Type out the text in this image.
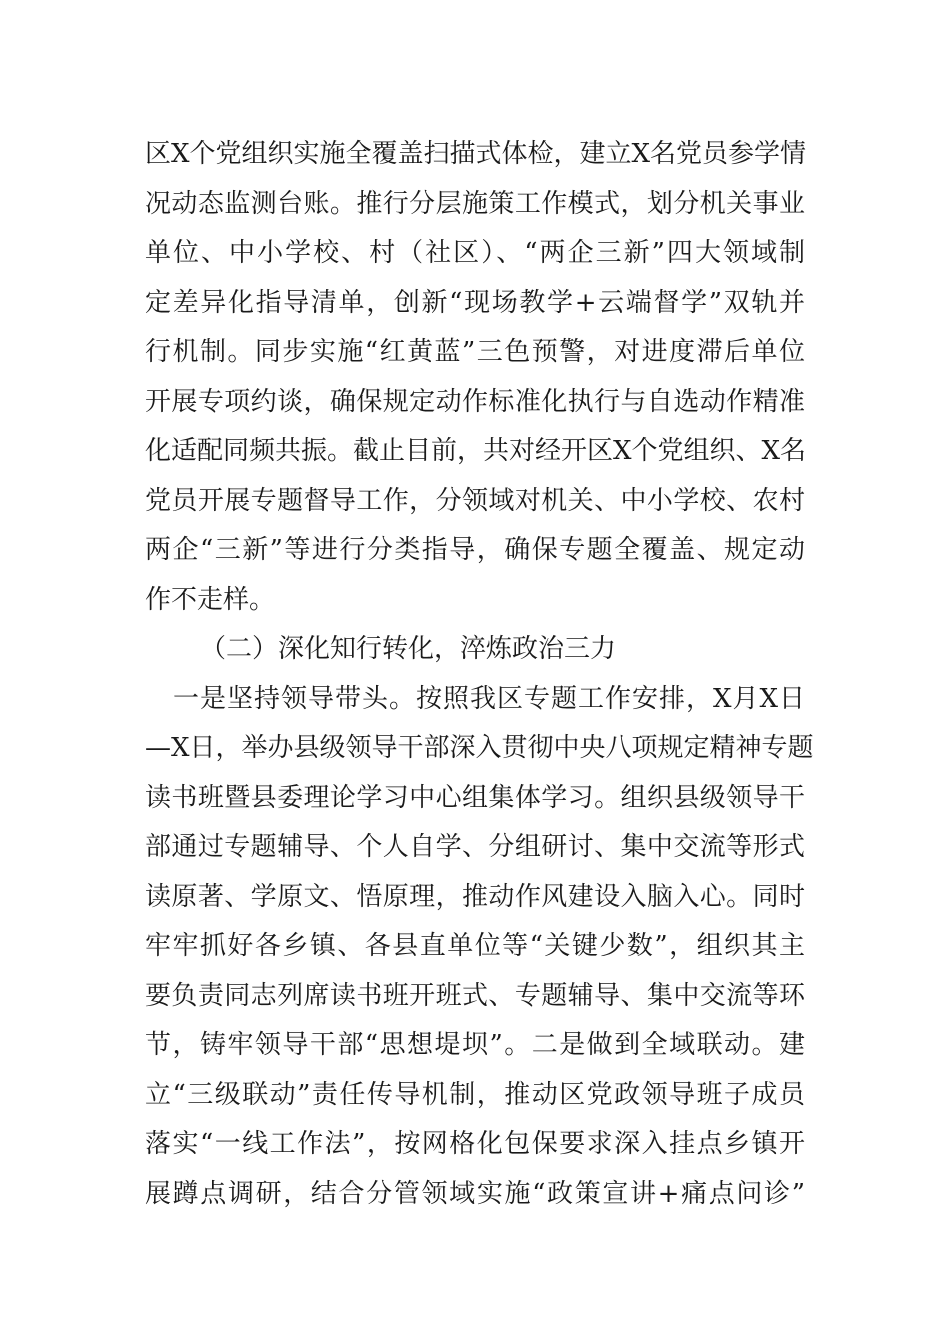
区X个党组织实施全覆盖扫描式体检，建立X名党员参学情
况动态监测台账。推行分层施策工作模式，划分机关事业
单位、中小学校、村（社区）、“两企三新”四大领域制
定差异化指导清单，创新“现场教学+云端督学”双轨并
行机制。同步实施“红黄蓝”三色预警，对进度滞后单位
开展专项约谈，确保规定动作标准化执行与自选动作精准
化适配同频共振。截止目前，共对经开区X个党组织、X名
党员开展专题督导工作，分领域对机关、中小学校、农村
两企“三新”等进行分类指导，确保专题全覆盖、规定动
作不走样。
（二）深化知行转化，淬炼政治三力
一是坚持领导带头。按照我区专题工作安排，X月X日
—X日，举办县级领导干部深入贯彻中央八项规定精神专题
读书班暨县委理论学习中心组集体学习。组织县级领导干
部通过专题辅导、个人自学、分组研讨、集中交流等形式
读原著、学原文、悟原理，推动作风建设入脑入心。同时
牢牢抓好各乡镇、各县直单位等“关键少数”，组织其主
要负责同志列席读书班开班式、专题辅导、集中交流等环
节，铸牢领导干部“思想堤坝”。二是做到全域联动。建
立“三级联动”责任传导机制，推动区党政领导班子成员
落实“一线工作法”，按网格化包保要求深入挂点乡镇开
展蹲点调研，结合分管领域实施“政策宣讲+痛点问诊”
